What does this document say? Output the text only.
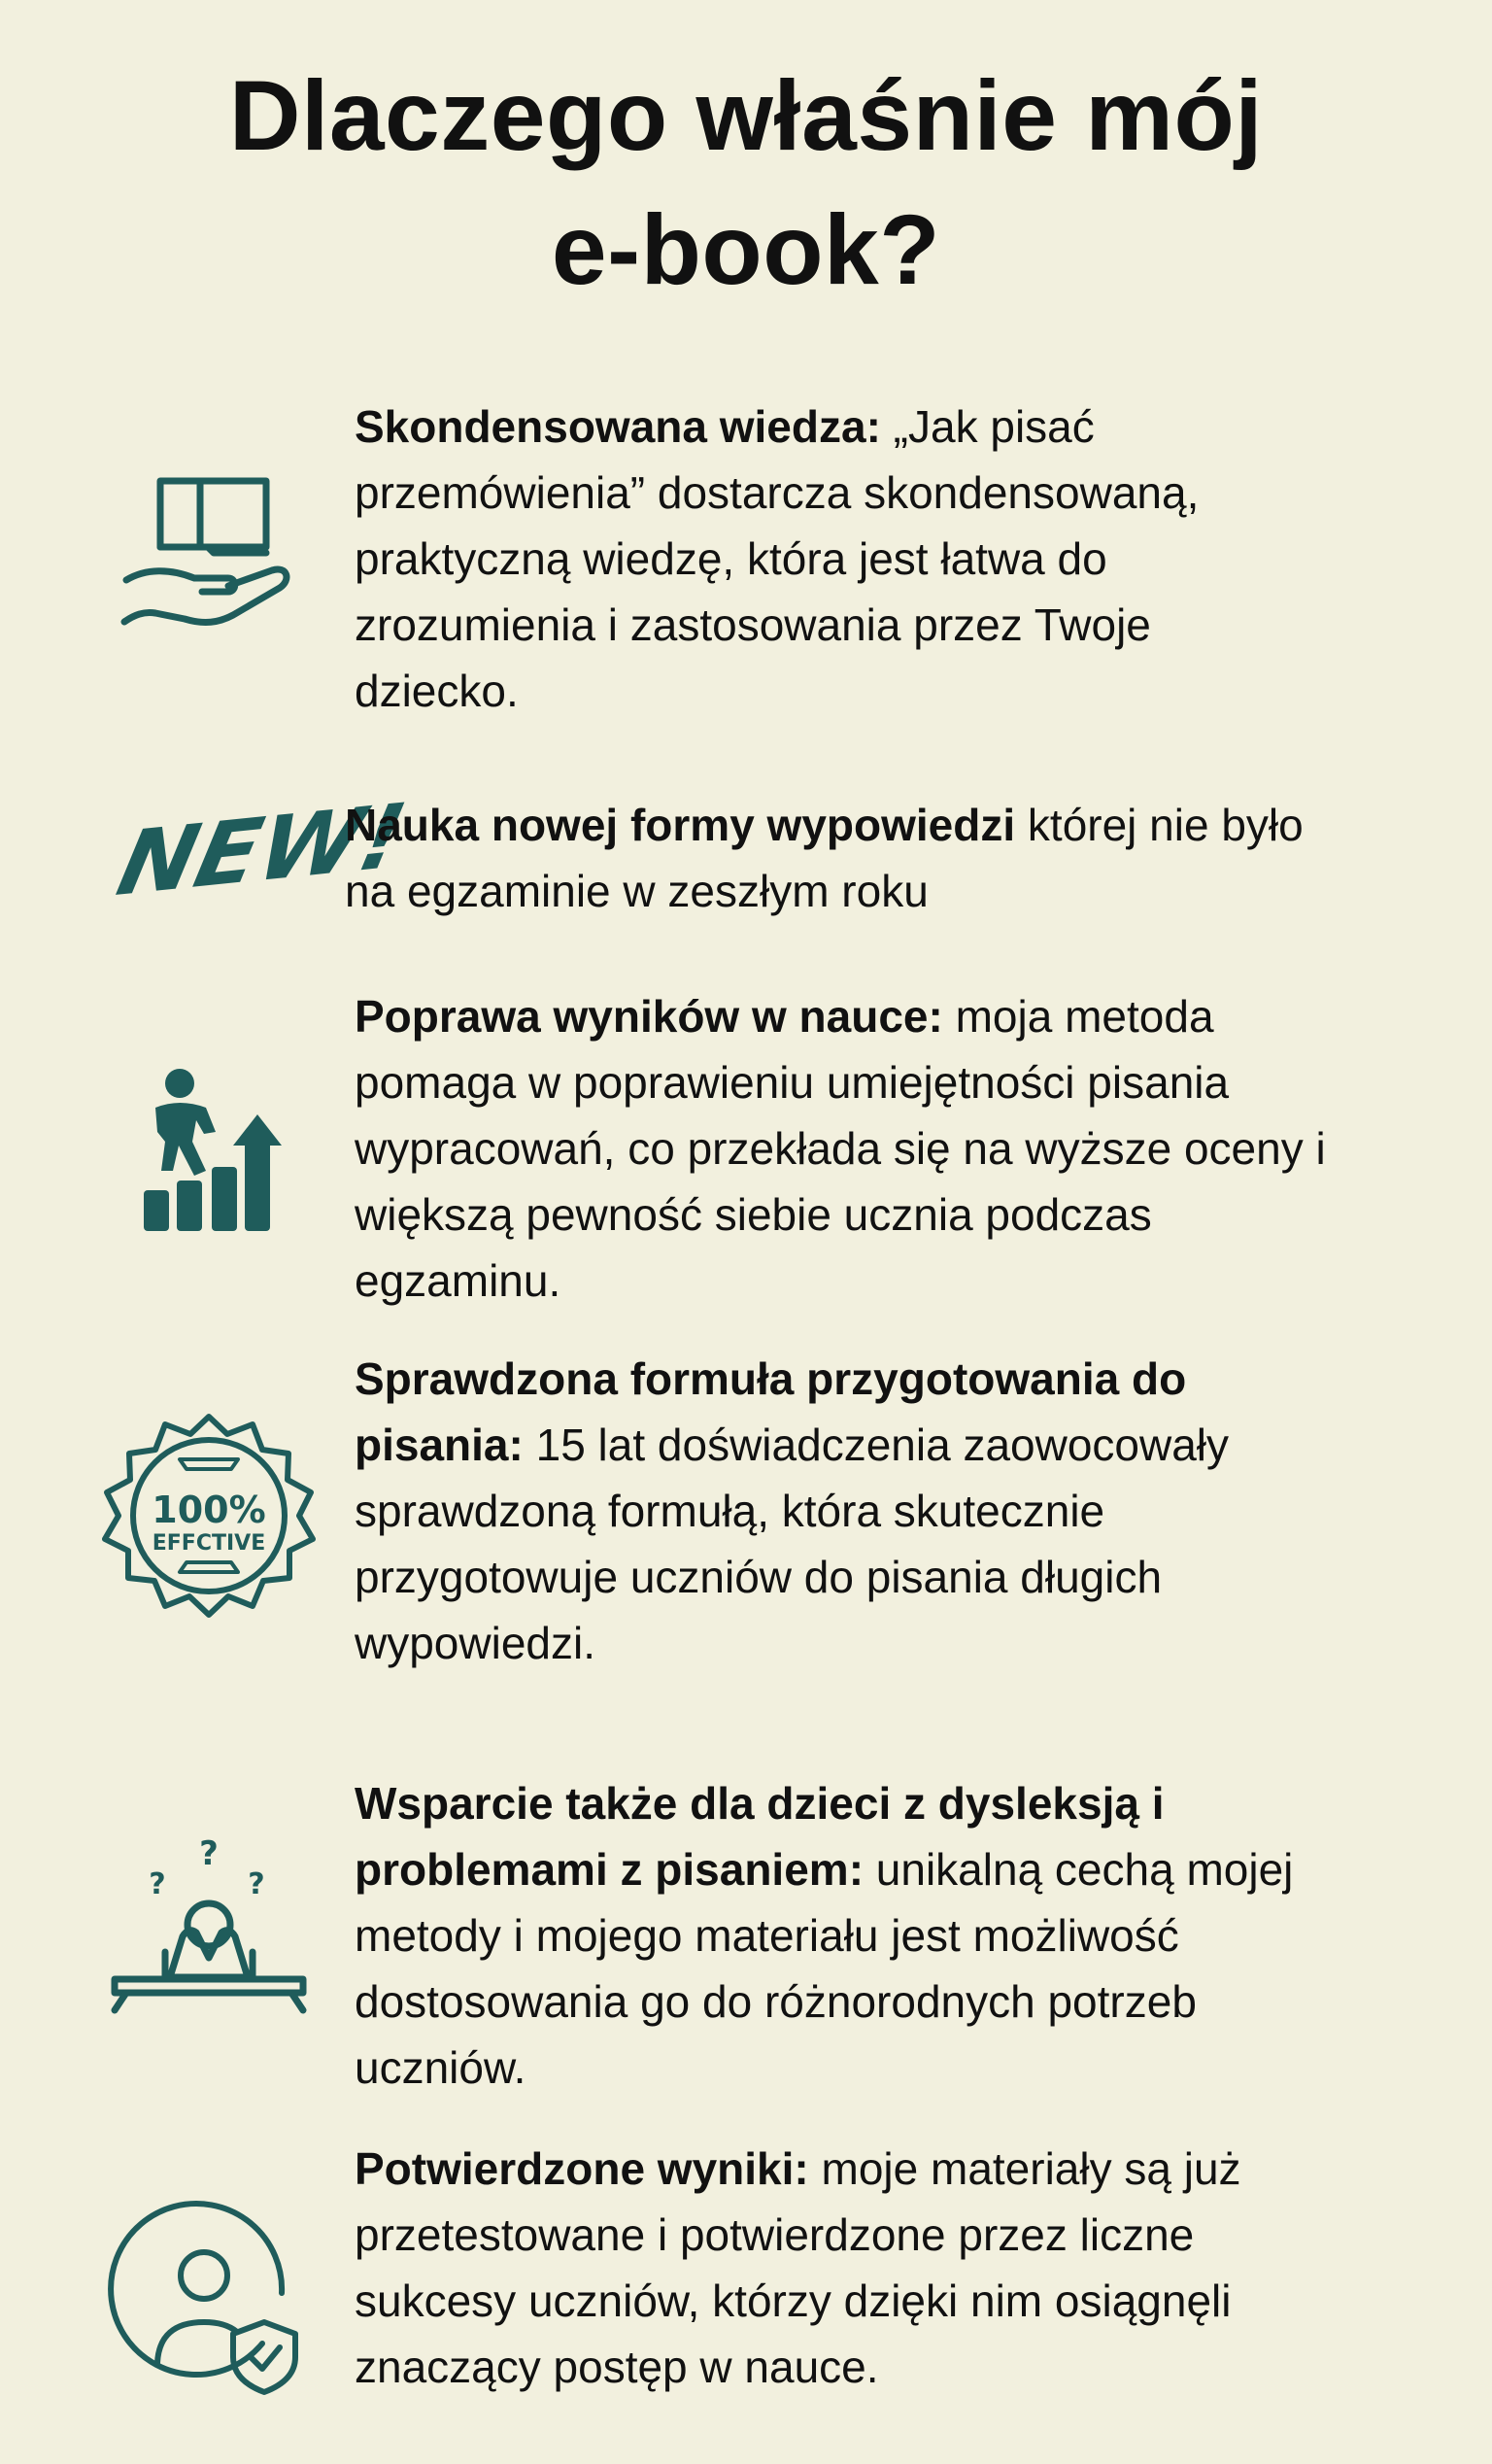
Dlaczego właśnie mój
e-book?

Skondensowana wiedza: „Jak pisać przemówienia” dostarcza skondensowaną, praktyczną wiedzę, która jest łatwa do zrozumienia i zastosowania przez Twoje dziecko.

NEW!

Nauka nowej formy wypowiedzi której nie było na egzaminie w zeszłym roku

Poprawa wyników w nauce: moja metoda pomaga w poprawieniu umiejętności pisania wypracowań, co przekłada się na wyższe oceny i większą pewność siebie ucznia podczas egzaminu.

100%
EFFCTIVE

Sprawdzona formuła przygotowania do pisania: 15 lat doświadczenia zaowocowały sprawdzoną formułą, która skutecznie przygotowuje uczniów do pisania długich wypowiedzi.

?
?	?

Wsparcie także dla dzieci z dysleksją i problemami z pisaniem: unikalną cechą mojej metody i mojego materiału jest możliwość dostosowania go do różnorodnych potrzeb uczniów.

Potwierdzone wyniki: moje materiały są już przetestowane i potwierdzone przez liczne sukcesy uczniów, którzy dzięki nim osiągnęli znaczący postęp w nauce.
